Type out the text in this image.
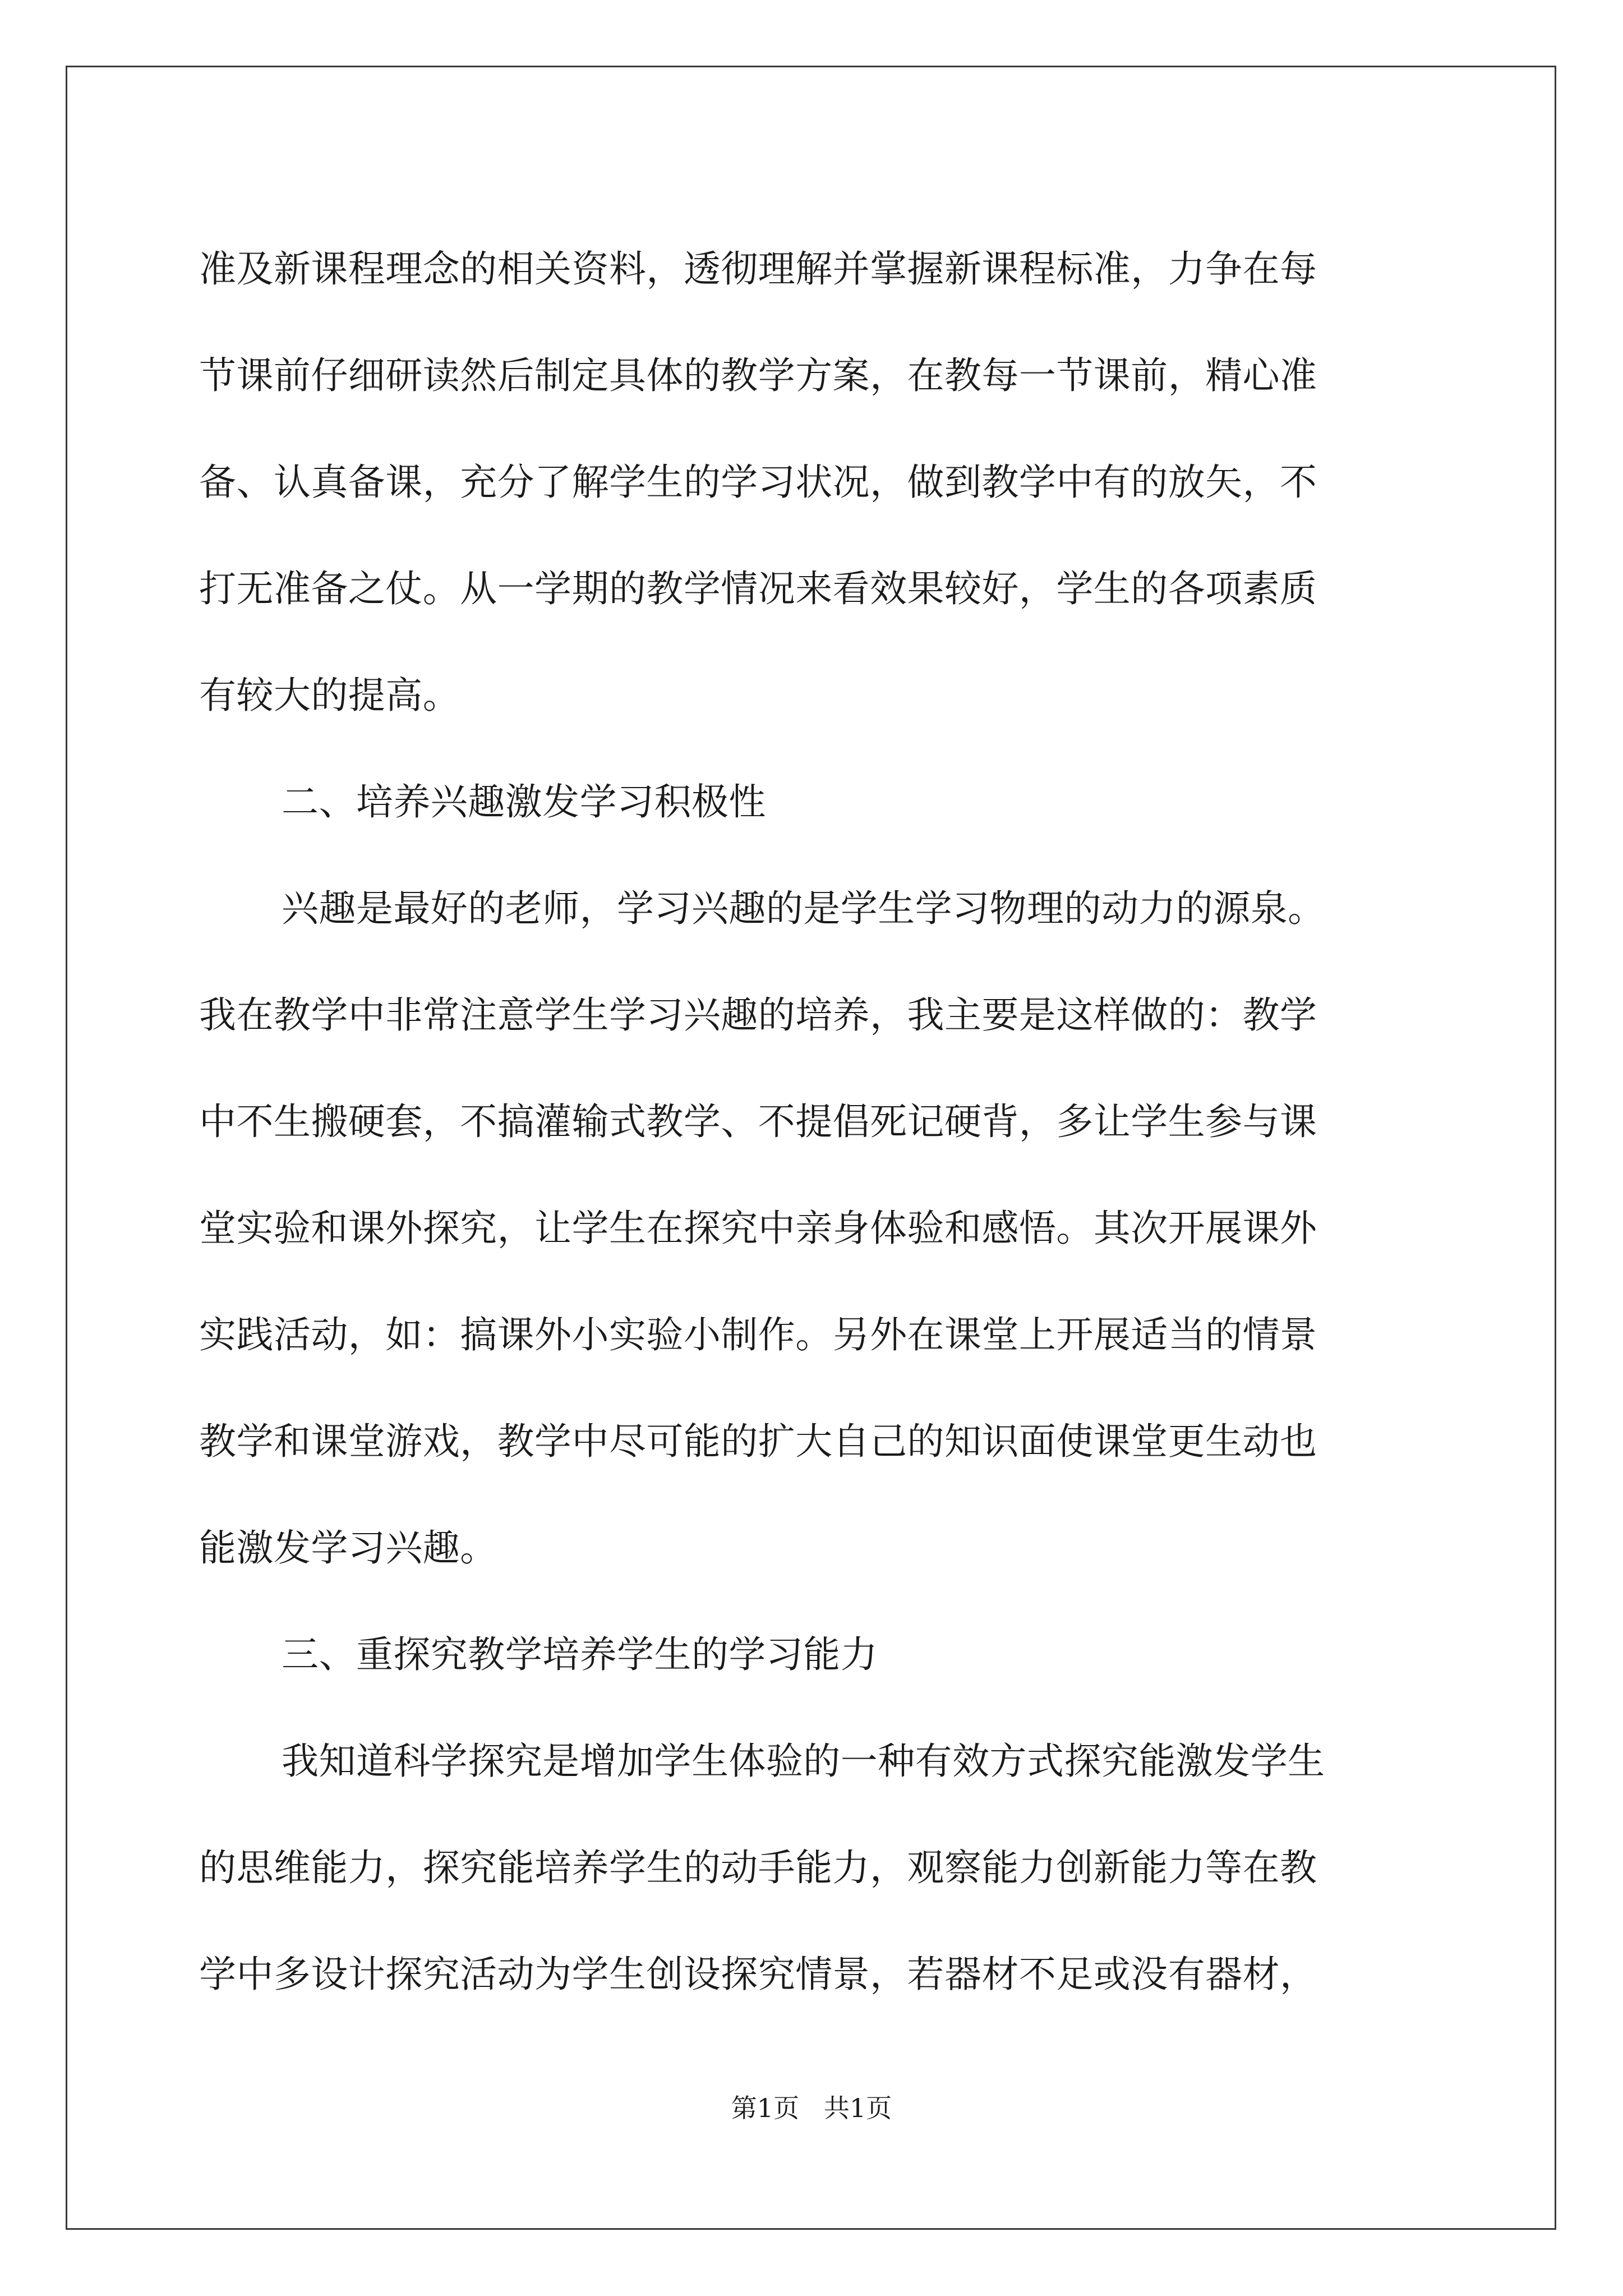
准及新课程理念的相关资料，透彻理解并掌握新课程标准，力争在每
节课前仔细研读然后制定具体的教学方案，在教每一节课前，精心准
备、认真备课，充分了解学生的学习状况，做到教学中有的放矢，不
打无准备之仗。从一学期的教学情况来看效果较好，学生的各项素质
有较大的提高。
二、培养兴趣激发学习积极性
兴趣是最好的老师，学习兴趣的是学生学习物理的动力的源泉。
我在教学中非常注意学生学习兴趣的培养，我主要是这样做的：教学
中不生搬硬套，不搞灌输式教学、不提倡死记硬背，多让学生参与课
堂实验和课外探究，让学生在探究中亲身体验和感悟。其次开展课外
实践活动，如：搞课外小实验小制作。另外在课堂上开展适当的情景
教学和课堂游戏，教学中尽可能的扩大自己的知识面使课堂更生动也
能激发学习兴趣。
三、重探究教学培养学生的学习能力
我知道科学探究是增加学生体验的一种有效方式探究能激发学生
的思维能力，探究能培养学生的动手能力，观察能力创新能力等在教
学中多设计探究活动为学生创设探究情景，若器材不足或没有器材，
第1页   共1页
